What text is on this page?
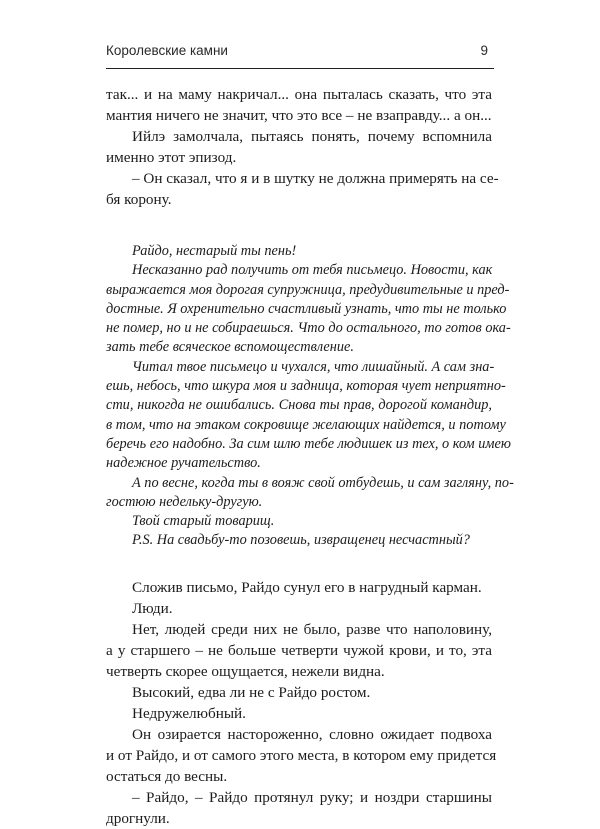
Королевские камни	9
так... и на маму накричал... она пыталась сказать, что эта
мантия ничего не значит, что это все – не взаправду... а он...
Ийлэ замолчала, пытаясь понять, почему вспомнила
именно этот эпизод.
– Он сказал, что я и в шутку не должна примерять на се-
бя корону.
Райдо, нестарый ты пень!
Несказанно рад получить от тебя письмецо. Новости, как
выражается моя дорогая супружница, предудивительные и пред-
достные. Я охренительно счастливый узнать, что ты не только
не помер, но и не собираешься. Что до остального, то готов ока-
зать тебе всяческое вспомоществление.
Читал твое письмецо и чухался, что лишайный. А сам зна-
ешь, небось, что шкура моя и задница, которая чует неприятно-
сти, никогда не ошибались. Снова ты прав, дорогой командир,
в том, что на этаком сокровище желающих найдется, и потому
беречь его надобно. За сим шлю тебе людишек из тех, о ком имею
надежное ручательство.
А по весне, когда ты в вояж свой отбудешь, и сам загляну, по-
гостюю недельку-другую.
Твой старый товарищ.
P.S. На свадьбу-то позовешь, извращенец несчастный?
Сложив письмо, Райдо сунул его в нагрудный карман.
Люди.
Нет, людей среди них не было, разве что наполовину,
а у старшего – не больше четверти чужой крови, и то, эта
четверть скорее ощущается, нежели видна.
Высокий, едва ли не с Райдо ростом.
Недружелюбный.
Он озирается настороженно, словно ожидает подвоха
и от Райдо, и от самого этого места, в котором ему придется
остаться до весны.
– Райдо, – Райдо протянул руку; и ноздри старшины
дрогнули.
